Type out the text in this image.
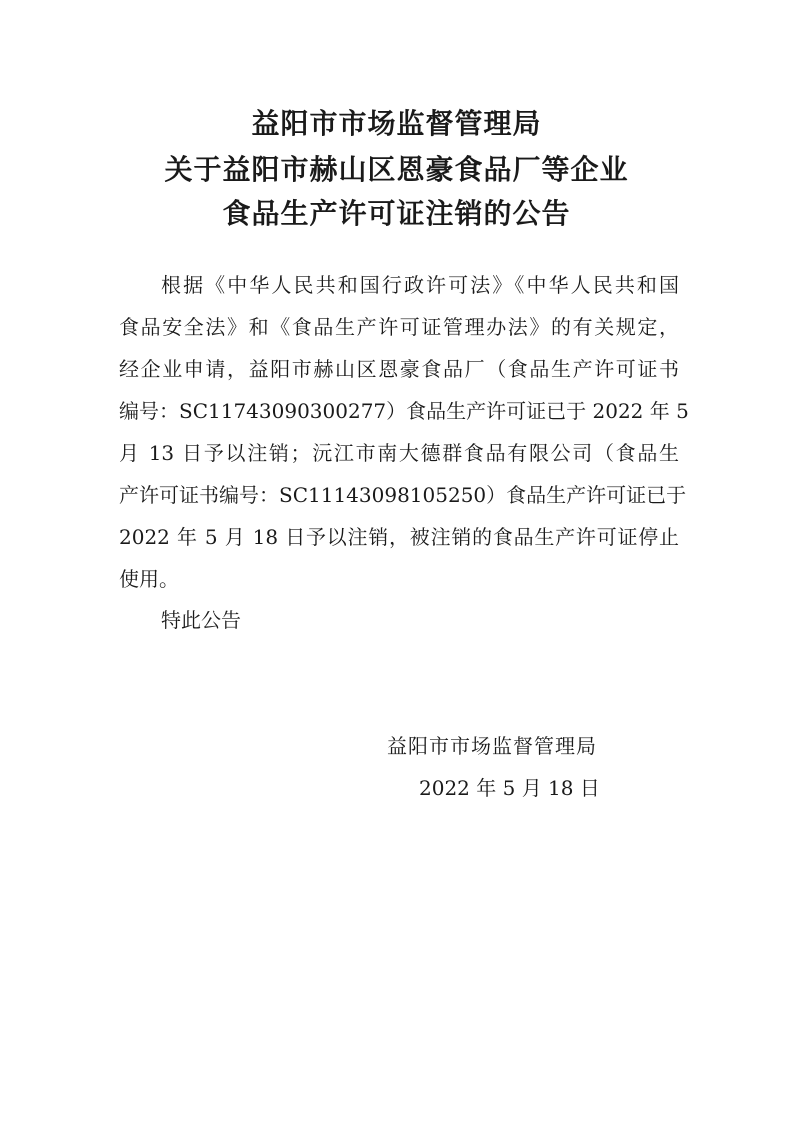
益阳市市场监督管理局
关于益阳市赫山区恩豪食品厂等企业
食品生产许可证注销的公告

根据《中华人民共和国行政许可法》《中华人民共和国

食品安全法》和《食品生产许可证管理办法》的有关规定，

经企业申请，益阳市赫山区恩豪食品厂（食品生产许可证书

编号：SC11743090300277）食品生产许可证已于 2022 年 5

月 13 日予以注销；沅江市南大德群食品有限公司（食品生

产许可证书编号：SC11143098105250）食品生产许可证已于

2022 年 5 月 18 日予以注销，被注销的食品生产许可证停止

使用。

特此公告

益阳市市场监督管理局

2022 年 5 月 18 日
